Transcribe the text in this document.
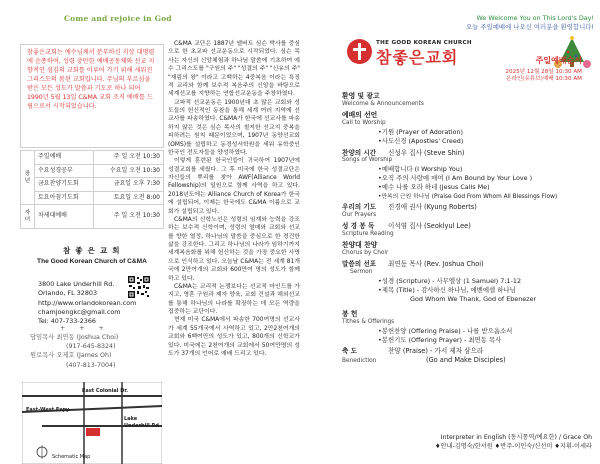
Come and rejoice in God
참좋은교회는 예수님께서 분부하신 지상 대명령에 순종하여, 성령 충만한 예배공동체와 선교 지향적인 섬김의 교회를 이루어 가기 위해 세워진 그리스도의 몸된 교회입니다. 주님의 부르심을 받은 모든 성도가 말씀과 기도로 하나 되어 1990년 5월 13일 C&MA 교회 조직 예배를 드림으로서 시작되었습니다.
장년	주일예배	주 일 오전 10:30
	수요성경공부	수요일 오전 10:30
	금요찬양기도회	금요일 오후 7:30
	토요아침기도회	토요일 오전 8:00
자녀	차세대예배	주 일 오전 10:30
참 좋 은 교 회
The Good Korean Church of C&MA
3800 Lake Underhill Rd.
Orlando, FL 32803
http://www.orlandokorean.com
chamjoengkc@gmail.com
Tel: 407-733-2366
+ + +
담임목사 최연동 (Joshua Choi)
(917-645-8324)
원로목사 오제호 (James Oh)
(407-813-7004)
East Colonial Dr.
East-West Expy
Lake Underhill Rd
Schematic Map

C&MA 교단은 1887년 앨버트 심슨 박사를 중심으로 한 초교파 선교운동으로 시작되었다. 심슨 목사는 자신의 신앙체험과 하나님 말씀에 기초하여 예수 그리스도를 "구원의 주" "성결의 주" "신유의 주" "재림의 왕" 이라고 고백하는 4중복음 이라는 특징적 교리와 함께 보수적 복음주의 신앙을 바탕으로 세계선교를 지향하는 연합선교운동을 주창하였다.

교파적 선교운동은 1900년대 초 많은 교회와 성도들의 헌신적인 동참을 통해 세계 여러 지역에 선교사를 파송하였다. C&MA가 한국에 선교사를 파송하지 않은 것은 심슨 목사의 철저한 선교지 중복을 피하려는 원칙 때문이었으며, 1907년 동양선교회(OMS)를 설립하고 동경성서학원을 세워 유학중인 한국인 전도자들을 양성하였다.

이렇게 훈련된 한국인들이 귀국하여 1907년에 성결교회를 세웠다. 그 후 미국에 한국 성결교단은 자신들의 뿌리를 찾아 AWF(Alliance World Fellowship)의 일원으로 함께 사역을 하고 있다. 2018년도에는 Alliance Church of Korea가 한국에 설립되어, 이제는 한국에도 C&MA 이름으로 교회가 설립되고 있다.

C&MA의 신학노선은 성령의 임재와 능력을 강조하는 보수적 신학이며, 성령의 열매와 교회와 선교를 향한 열정, 하나님의 말씀을 중심으로 한 경건한 삶을 강조한다. 그리고 하나님의 나라가 임하기까지 세계복음화를 위해 헌신하는 것을 가장 중요한 사명으로 인식하고 있다. 오늘날 C&MA는 전 세계 81개국에 2만여개의 교회와 600만여 명의 성도가 함께하고 있다.

C&MA는 교리적 논쟁보다는 선교적 마인드를 가지고, 영혼 구원과 제자 양육, 교회 건설과 해외선교를 통해 하나님의 나라를 확장하는 데 모든 역량을 집중하는 교단이다.

현재 미국 C&MA에서 파송한 700여명의 선교사가 세계 55개국에서 사역하고 있고, 2만2천여개의 교회와 6백여만의 성도가 있고, 800개의 신학교가 있다. 미국에는 2천여개의 교회에서 50여만명의 성도가 37개의 언어로 예배 드리고 있다.

We Welcome You on This Lord's Day!
오늘 주일예배에 나오신 여러분을 환영합니다!
THE GOOD KOREAN CHURCH
참좋은교회	주일예배순서
2025년 12월 28일 10:30 AM
온라인(유튜브)예배 10:30 AM
환영 및 광고
Welcome & Announcements
예배의 선언
Call to Worship
•기원 (Prayer of Adoration)
•사도신경 (Apostles' Creed)
찬양의 시간 신성우 집사 (Steve Shin)
Songs of Worship
•예배합니다 (I Worship You)
•오직 주의 사랑에 매여 (I Am Bound by Your Love )
•예수 나를 오라 하네 (Jesus Calls Me)
•만복의 근원 하나님 (Praise God From Whom All Blessings Flow)
우리의 기도 진경애 권사 (Kyung Roberts)
Our Prayers
성 경 봉 독 이석염 집사 (Seoklyul Lee)
Scripture Reading
찬양대 찬양
Chorus by Choir
말씀의 선포 최연동 목사 (Rev. Joshua Choi)
Sermon
•성경 (Scripture) - 사무엘상 (1 Samuel) 7:1-12
•제목 (Title) - 감사하신 하나님, 에벤에셀 하나님
God Whom We Thank, God of Ebenezer
봉 헌
Tithes & Offerings
•봉헌찬양 (Offering Praise) - 나를 받으옵소서
•봉헌기도 (Offering Prayer) - 최연동 목사
축 도	찬양 (Praise) - 가서 제자 삼으라
Benediction	(Go and Make Disciples)
Interpreter in English (동시통역/예요한) / Grace Oh
♦안내-김명숙/한서원 ♦반주-이민숙/신선미 ♦지휘-이세라
